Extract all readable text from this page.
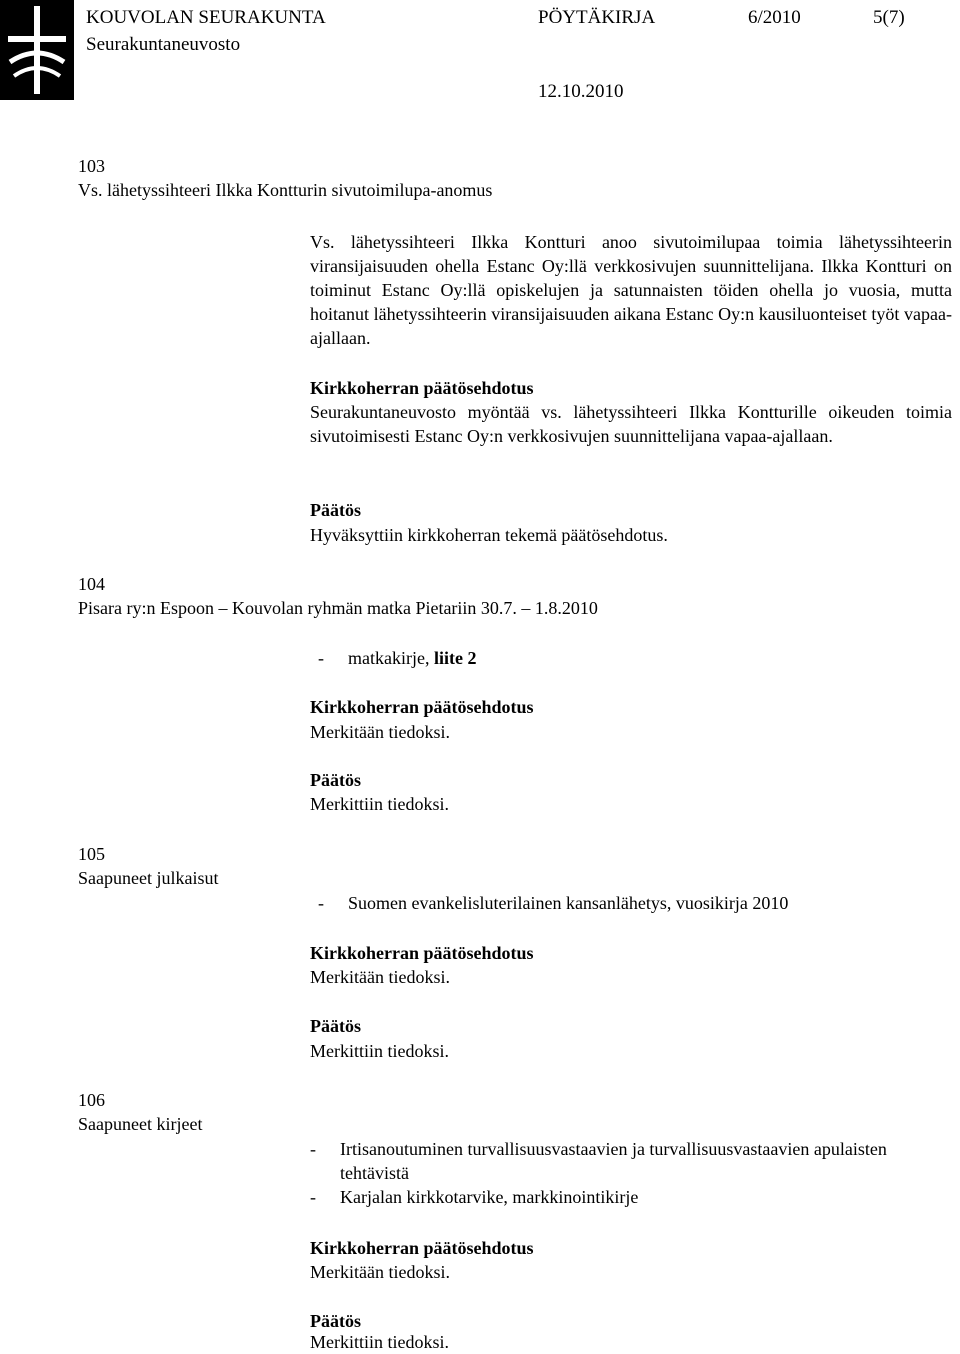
KOUVOLAN SEURAKUNTA
Seurakuntaneuvosto
PÖYTÄKIRJA	6/2010	5(7)
12.10.2010
103
Vs. lähetyssihteeri Ilkka Kontturin sivutoimilupa-anomus
Vs. lähetyssihteeri Ilkka Kontturi anoo sivutoimilupaa toimia lähetyssihteerin viransijaisuuden ohella Estanc Oy:llä verkkosivujen suunnittelijana. Ilkka Kontturi on toiminut Estanc Oy:llä opiskelujen ja satunnaisten töiden ohella jo vuosia, mutta hoitanut lähetyssihteerin viransijaisuuden aikana Estanc Oy:n kausiluonteiset työt vapaa-ajallaan.
Kirkkoherran päätösehdotus
Seurakuntaneuvosto myöntää vs. lähetyssihteeri Ilkka Kontturille oikeuden toimia sivutoimisesti Estanc Oy:n verkkosivujen suunnittelijana vapaa-ajallaan.
Päätös
Hyväksyttiin kirkkoherran tekemä päätösehdotus.
104
Pisara ry:n Espoon – Kouvolan ryhmän matka Pietariin 30.7. – 1.8.2010
- matkakirje, liite 2
Kirkkoherran päätösehdotus
Merkitään tiedoksi.
Päätös
Merkittiin tiedoksi.
105
Saapuneet julkaisut
- Suomen evankelisluterilainen kansanlähetys, vuosikirja 2010
Kirkkoherran päätösehdotus
Merkitään tiedoksi.
Päätös
Merkittiin tiedoksi.
106
Saapuneet kirjeet
-	Irtisanoutuminen turvallisuusvastaavien ja turvallisuusvastaavien apulaisten tehtävistä
-	Karjalan kirkkotarvike, markkinointikirje
Kirkkoherran päätösehdotus
Merkitään tiedoksi.
Päätös
Merkittiin tiedoksi.
